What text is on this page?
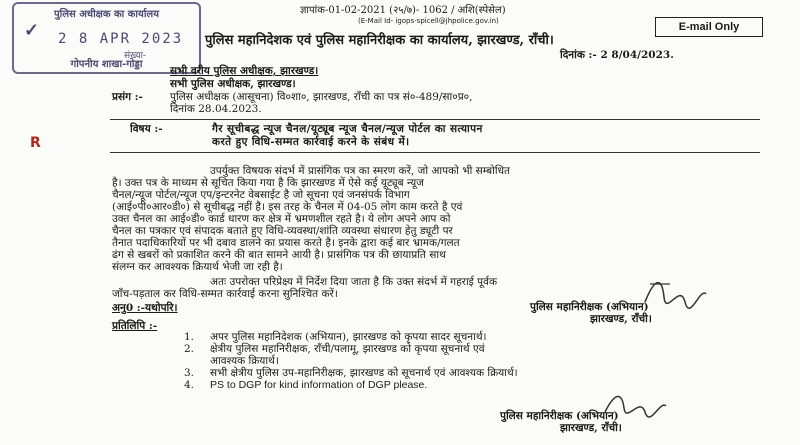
पुलिस अधीक्षक का कार्यालय
✓ 2 8 APR 2023
संख्या-
गोपनीय शाखा-गोड्डा
ज्ञापांक-01-02-2021 (२५/७)- 1062 / अशि(स्पेसेल)
(E-Mail Id- igops-spicell@jhpolice.gov.in)	E-mail Only
पुलिस महानिदेशक एवं पुलिस महानिरीक्षक का कार्यालय, झारखण्ड, राँची।
दिनांक :- 2 8/04/2023.
सभी वरीय पुलिस अधीक्षक, झारखण्ड।
सभी पुलिस अधीक्षक, झारखण्ड।
प्रसंग :-	पुलिस अधीक्षक (आसूचना) वि०शा०, झारखण्ड, राँची का पत्र सं०-489/सा०प्र०,
दिनांक 28.04.2023.
विषय :-	गैर सूचीबद्ध न्यूज चैनल/यूट्यूब न्यूज चैनल/न्यूज पोर्टल का सत्यापन
करते हुए विधि-सम्मत कार्रवाई करने के संबंध में।
R
उपर्युक्त विषयक संदर्भ में प्रासंगिक पत्र का स्मरण करें, जो आपको भी सम्बोधित
है। उक्त पत्र के माध्यम से सूचित किया गया है कि झारखण्ड में ऐसे कई यूट्यूब न्यूज
चैनल/न्यूज पोर्टल/न्यूज एप/इन्टरनेट वेबसाईट है जो सूचना एवं जनसंपर्क विभाग
(आई०पी०आर०डी०) से सूचीबद्ध नहीं है। इस तरह के चैनल में 04-05 लोग काम करते है एवं
उक्त चैनल का आई०डी० कार्ड धारण कर क्षेत्र में भ्रमणशील रहते है। ये लोग अपने आप को
चैनल का पत्रकार एवं संपादक बताते हुए विधि-व्यवस्था/शांति व्यवस्था संधारण हेतु ड्यूटी पर
तैनात पदाधिकारियों पर भी दबाव डालने का प्रयास करते है। इनके द्वारा कई बार भ्रामक/गलत
ढंग से खबरों को प्रकाशित करने की बात सामने आयी है। प्रासंगिक पत्र की छायाप्रति साथ
संलग्न कर आवश्यक क्रियार्थ भेजी जा रही है।
अतः उपरोक्त परिप्रेक्ष्य में निर्देश दिया जाता है कि उक्त संदर्भ में गहराई पूर्वक
जाँच-पड़ताल कर विधि-सम्मत कार्रवाई करना सुनिश्चित करें।
अनु0 :-यथोपरि।	पुलिस महानिरीक्षक (अभियान)
झारखण्ड, राँची।
प्रतिलिपि :-
1. अपर पुलिस महानिदेशक (अभियान), झारखण्ड को कृपया सादर सूचनार्थ।
2. क्षेत्रीय पुलिस महानिरीक्षक, राँची/पलामू, झारखण्ड को कृपया सूचनार्थ एवं
आवश्यक क्रियार्थ।
3. सभी क्षेत्रीय पुलिस उप-महानिरीक्षक, झारखण्ड को सूचनार्थ एवं आवश्यक क्रियार्थ।
4. PS to DGP for kind information of DGP please.
पुलिस महानिरीक्षक (अभियान)
झारखण्ड, राँची।
